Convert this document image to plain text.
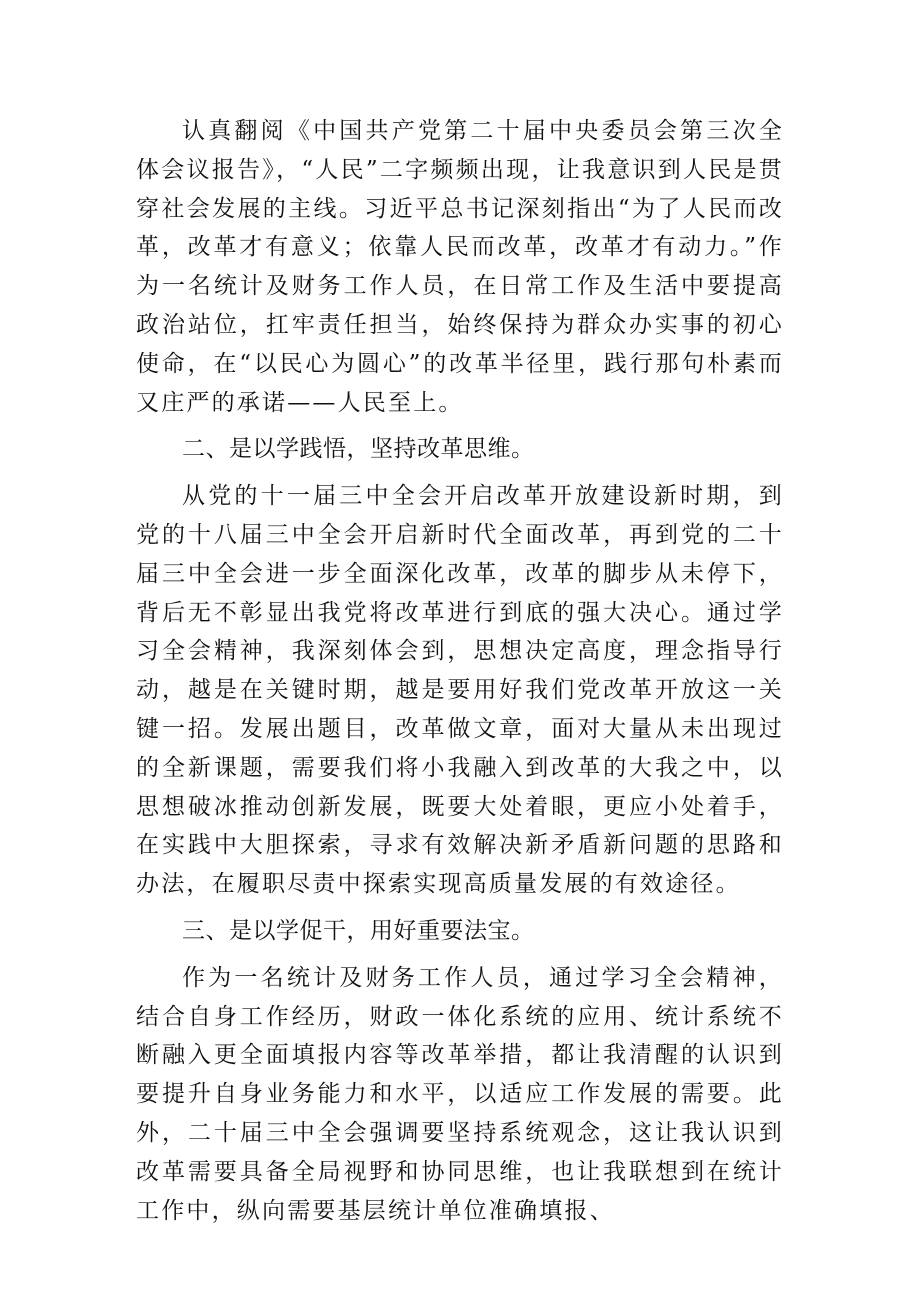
认真翻阅《中国共产党第二十届中央委员会第三次全体会议报告》，“人民”二字频频出现，让我意识到人民是贯穿社会发展的主线。习近平总书记深刻指出“为了人民而改革，改革才有意义；依靠人民而改革，改革才有动力。”作为一名统计及财务工作人员，在日常工作及生活中要提高政治站位，扛牢责任担当，始终保持为群众办实事的初心使命，在“以民心为圆心”的改革半径里，践行那句朴素而又庄严的承诺——人民至上。

二、是以学践悟，坚持改革思维。

从党的十一届三中全会开启改革开放建设新时期，到党的十八届三中全会开启新时代全面改革，再到党的二十届三中全会进一步全面深化改革，改革的脚步从未停下，背后无不彰显出我党将改革进行到底的强大决心。通过学习全会精神，我深刻体会到，思想决定高度，理念指导行动，越是在关键时期，越是要用好我们党改革开放这一关键一招。发展出题目，改革做文章，面对大量从未出现过的全新课题，需要我们将小我融入到改革的大我之中，以思想破冰推动创新发展，既要大处着眼，更应小处着手，在实践中大胆探索，寻求有效解决新矛盾新问题的思路和办法，在履职尽责中探索实现高质量发展的有效途径。

三、是以学促干，用好重要法宝。

作为一名统计及财务工作人员，通过学习全会精神，结合自身工作经历，财政一体化系统的应用、统计系统不断融入更全面填报内容等改革举措，都让我清醒的认识到要提升自身业务能力和水平，以适应工作发展的需要。此外，二十届三中全会强调要坚持系统观念，这让我认识到改革需要具备全局视野和协同思维，也让我联想到在统计工作中，纵向需要基层统计单位准确填报、
